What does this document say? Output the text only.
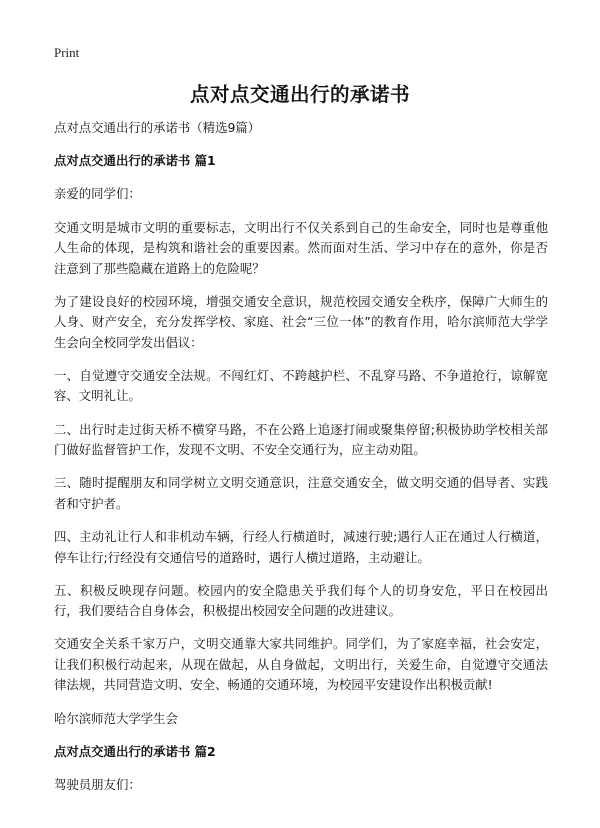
Print
点对点交通出行的承诺书

点对点交通出行的承诺书（精选9篇）

点对点交通出行的承诺书 篇1

亲爱的同学们：

交通文明是城市文明的重要标志，文明出行不仅关系到自己的生命安全，同时也是尊重他人生命的体现，是构筑和谐社会的重要因素。然而面对生活、学习中存在的意外，你是否注意到了那些隐藏在道路上的危险呢？

为了建设良好的校园环境，增强交通安全意识，规范校园交通安全秩序，保障广大师生的人身、财产安全，充分发挥学校、家庭、社会“三位一体”的教育作用，哈尔滨师范大学学生会向全校同学发出倡议：

一、自觉遵守交通安全法规。不闯红灯、不跨越护栏、不乱穿马路、不争道抢行，谅解宽容、文明礼让。

二、出行时走过街天桥不横穿马路，不在公路上追逐打闹或聚集停留;积极协助学校相关部门做好监督管护工作，发现不文明、不安全交通行为，应主动劝阻。

三、随时提醒朋友和同学树立文明交通意识，注意交通安全，做文明交通的倡导者、实践者和守护者。

四、主动礼让行人和非机动车辆，行经人行横道时，减速行驶;遇行人正在通过人行横道，停车让行;行经没有交通信号的道路时，遇行人横过道路，主动避让。

五、积极反映现存问题。校园内的安全隐患关乎我们每个人的切身安危，平日在校园出行，我们要结合自身体会，积极提出校园安全问题的改进建议。

交通安全关系千家万户，文明交通靠大家共同维护。同学们，为了家庭幸福，社会安定，让我们积极行动起来，从现在做起，从自身做起，文明出行，关爱生命，自觉遵守交通法律法规，共同营造文明、安全、畅通的交通环境，为校园平安建设作出积极贡献!

哈尔滨师范大学学生会

点对点交通出行的承诺书 篇2

驾驶员朋友们：
